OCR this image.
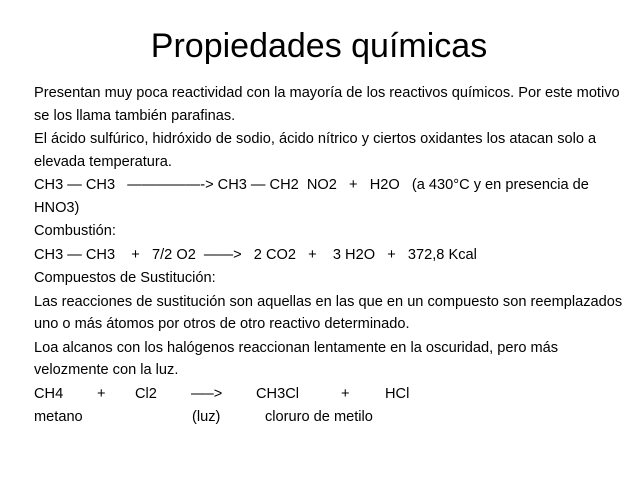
Propiedades químicas
Presentan muy poca reactividad con la mayoría de los reactivos químicos. Por este motivo se los llama también parafinas.
El ácido sulfúrico, hidróxido de sodio, ácido nítrico y ciertos oxidantes los atacan solo a elevada temperatura.
CH3 — CH3   —————-> CH3 — CH2  NO2   +   H2O   (a 430°C y en presencia de HNO3)
Combustión:
CH3 — CH3    +   7/2 O2  ——>   2 CO2   +    3 H2O   +   372,8 Kcal
Compuestos de Sustitución:
Las reacciones de sustitución son aquellas en las que en un compuesto son reemplazados uno o más átomos por otros de otro reactivo determinado.
Loa alcanos con los halógenos reaccionan lentamente en la oscuridad, pero más velozmente con la luz.
CH4 + Cl2 —–> CH3Cl	+ HCl
metano	(luz)	cloruro de metilo
